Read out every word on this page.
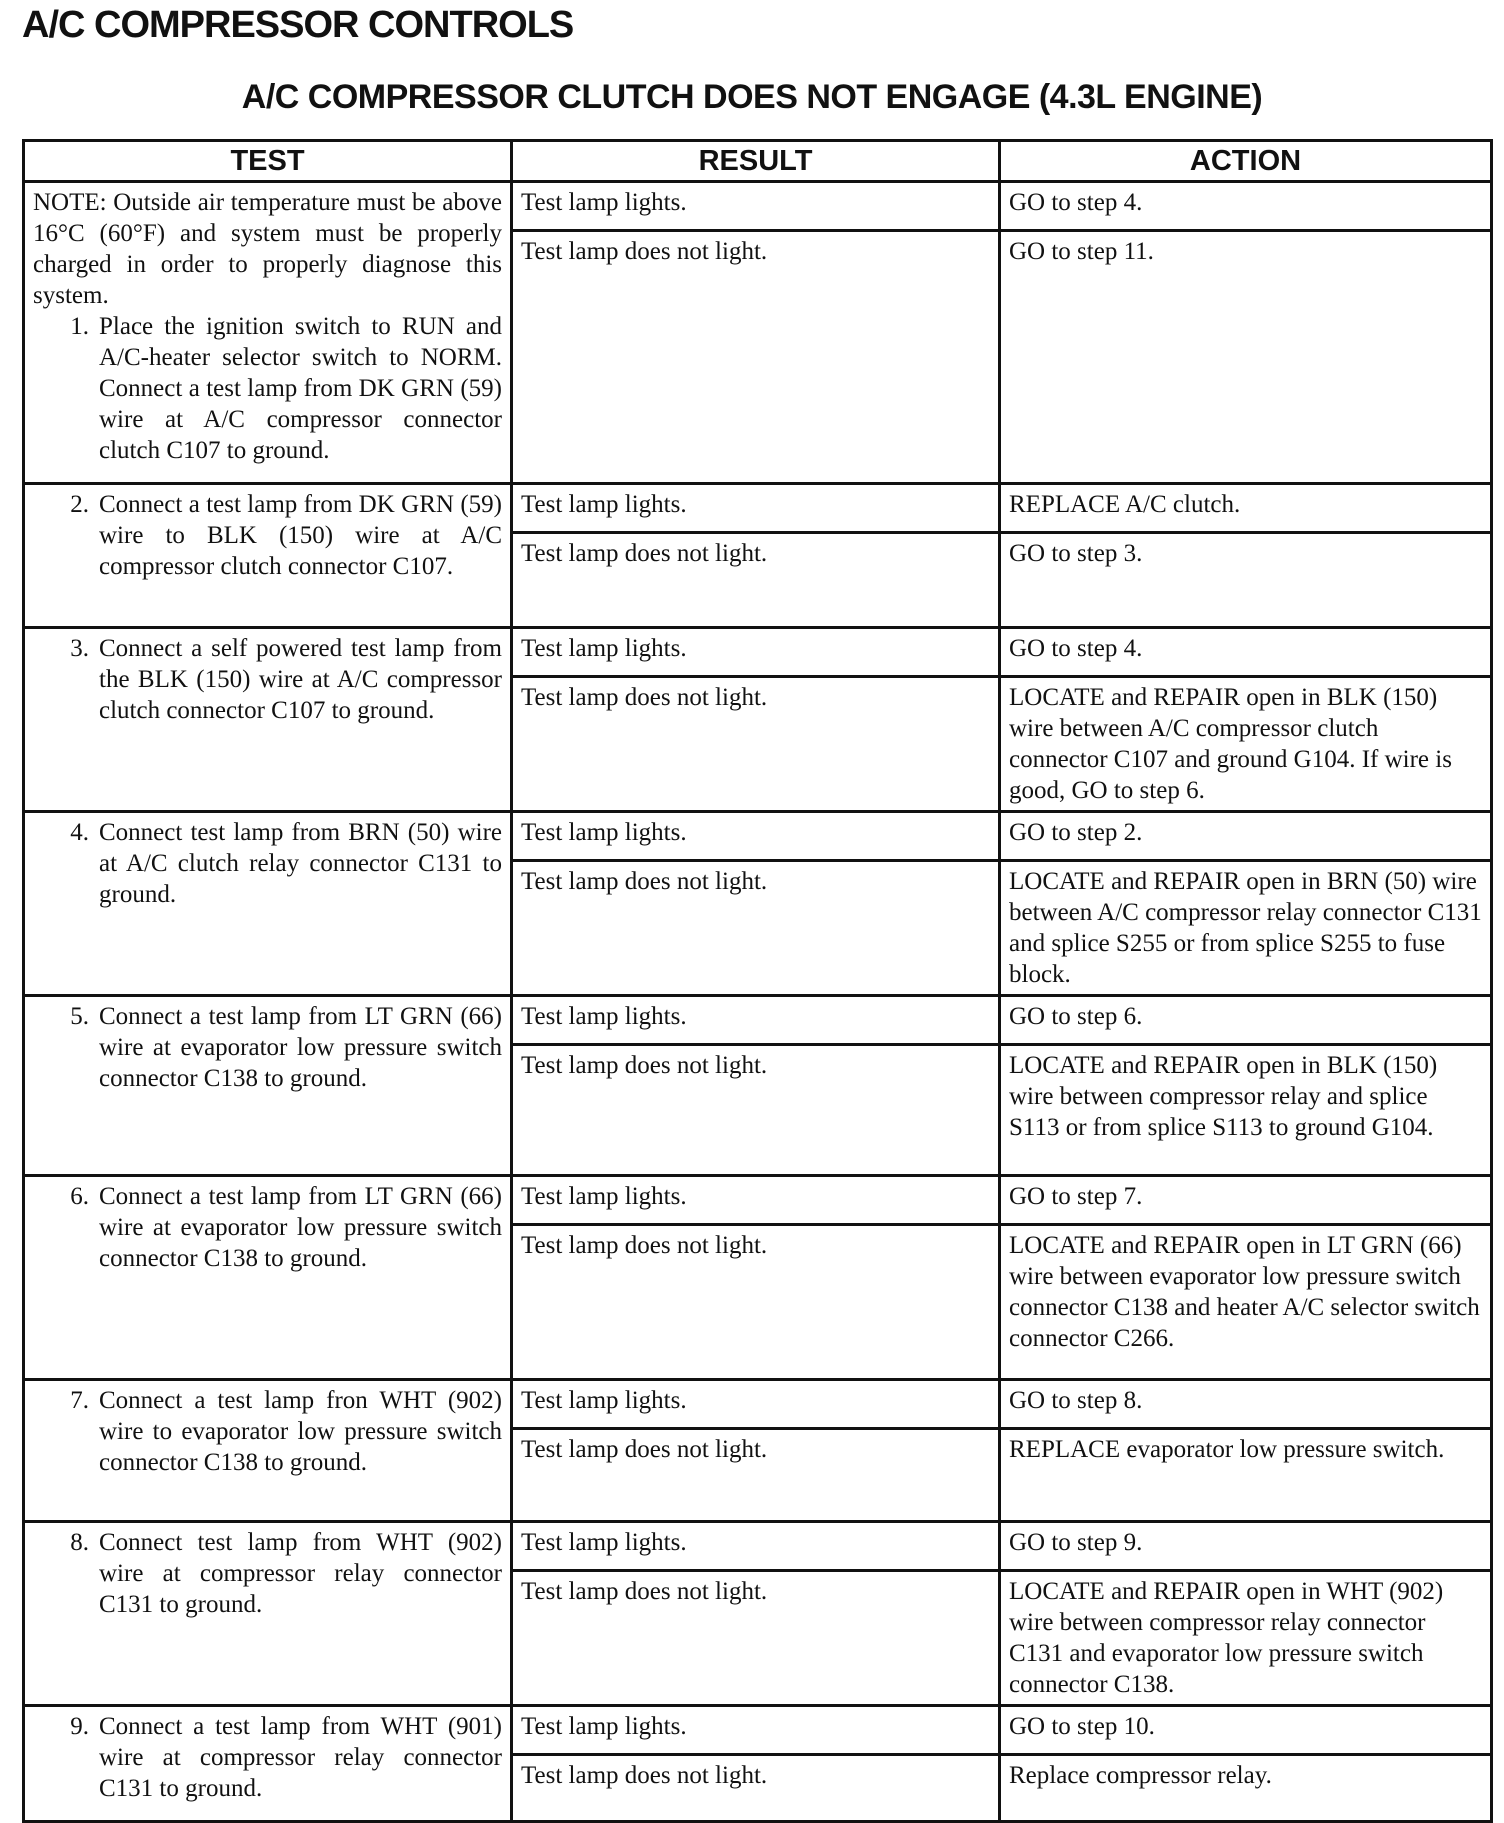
A/C COMPRESSOR CONTROLS
A/C COMPRESSOR CLUTCH DOES NOT ENGAGE (4.3L ENGINE)
TEST	RESULT	ACTION

NOTE: Outside air temperature must be above 16°C (60°F) and system must be properly charged in order to properly diagnose this system.
1. Place the ignition switch to RUN and A/C-heater selector switch to NORM. Connect a test lamp from DK GRN (59) wire at A/C compressor connector clutch C107 to ground.	Test lamp lights.	GO to step 4.
	Test lamp does not light.	GO to step 11.

2. Connect a test lamp from DK GRN (59) wire to BLK (150) wire at A/C compressor clutch connector C107.	Test lamp lights.	REPLACE A/C clutch.
	Test lamp does not light.	GO to step 3.

3. Connect a self powered test lamp from the BLK (150) wire at A/C compressor clutch connector C107 to ground.	Test lamp lights.	GO to step 4.
	Test lamp does not light.	LOCATE and REPAIR open in BLK (150) wire between A/C compressor clutch connector C107 and ground G104. If wire is good, GO to step 6.

4. Connect test lamp from BRN (50) wire at A/C clutch relay connector C131 to ground.	Test lamp lights.	GO to step 2.
	Test lamp does not light.	LOCATE and REPAIR open in BRN (50) wire between A/C compressor relay connector C131 and splice S255 or from splice S255 to fuse block.

5. Connect a test lamp from LT GRN (66) wire at evaporator low pressure switch connector C138 to ground.	Test lamp lights.	GO to step 6.
	Test lamp does not light.	LOCATE and REPAIR open in BLK (150) wire between compressor relay and splice S113 or from splice S113 to ground G104.

6. Connect a test lamp from LT GRN (66) wire at evaporator low pressure switch connector C138 to ground.	Test lamp lights.	GO to step 7.
	Test lamp does not light.	LOCATE and REPAIR open in LT GRN (66) wire between evaporator low pressure switch connector C138 and heater A/C selector switch connector C266.

7. Connect a test lamp fron WHT (902) wire to evaporator low pressure switch connector C138 to ground.	Test lamp lights.	GO to step 8.
	Test lamp does not light.	REPLACE evaporator low pressure switch.

8. Connect test lamp from WHT (902) wire at compressor relay connector C131 to ground.	Test lamp lights.	GO to step 9.
	Test lamp does not light.	LOCATE and REPAIR open in WHT (902) wire between compressor relay connector C131 and evaporator low pressure switch connector C138.

9. Connect a test lamp from WHT (901) wire at compressor relay connector C131 to ground.	Test lamp lights.	GO to step 10.
	Test lamp does not light.	Replace compressor relay.
